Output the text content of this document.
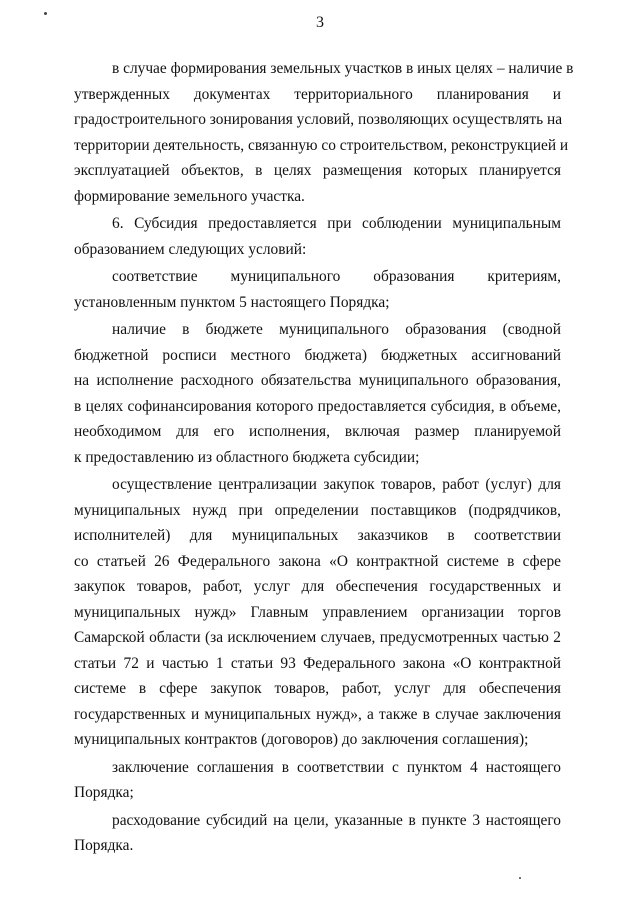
3
в случае формирования земельных участков в иных целях – наличие в
утвержденных документах территориального планирования и
градостроительного зонирования условий, позволяющих осуществлять на
территории деятельность, связанную со строительством, реконструкцией и
эксплуатацией объектов, в целях размещения которых планируется
формирование земельного участка.
6. Субсидия предоставляется при соблюдении муниципальным
образованием следующих условий:
соответствие муниципального образования критериям,
установленным пунктом 5 настоящего Порядка;
наличие в бюджете муниципального образования (сводной
бюджетной росписи местного бюджета) бюджетных ассигнований
на исполнение расходного обязательства муниципального образования,
в целях софинансирования которого предоставляется субсидия, в объеме,
необходимом для его исполнения, включая размер планируемой
к предоставлению из областного бюджета субсидии;
осуществление централизации закупок товаров, работ (услуг) для
муниципальных нужд при определении поставщиков (подрядчиков,
исполнителей) для муниципальных заказчиков в соответствии
со статьей 26 Федерального закона «О контрактной системе в сфере
закупок товаров, работ, услуг для обеспечения государственных и
муниципальных нужд» Главным управлением организации торгов
Самарской области (за исключением случаев, предусмотренных частью 2
статьи 72 и частью 1 статьи 93 Федерального закона «О контрактной
системе в сфере закупок товаров, работ, услуг для обеспечения
государственных и муниципальных нужд», а также в случае заключения
муниципальных контрактов (договоров) до заключения соглашения);
заключение соглашения в соответствии с пунктом 4 настоящего
Порядка;
расходование субсидий на цели, указанные в пункте 3 настоящего
Порядка.
